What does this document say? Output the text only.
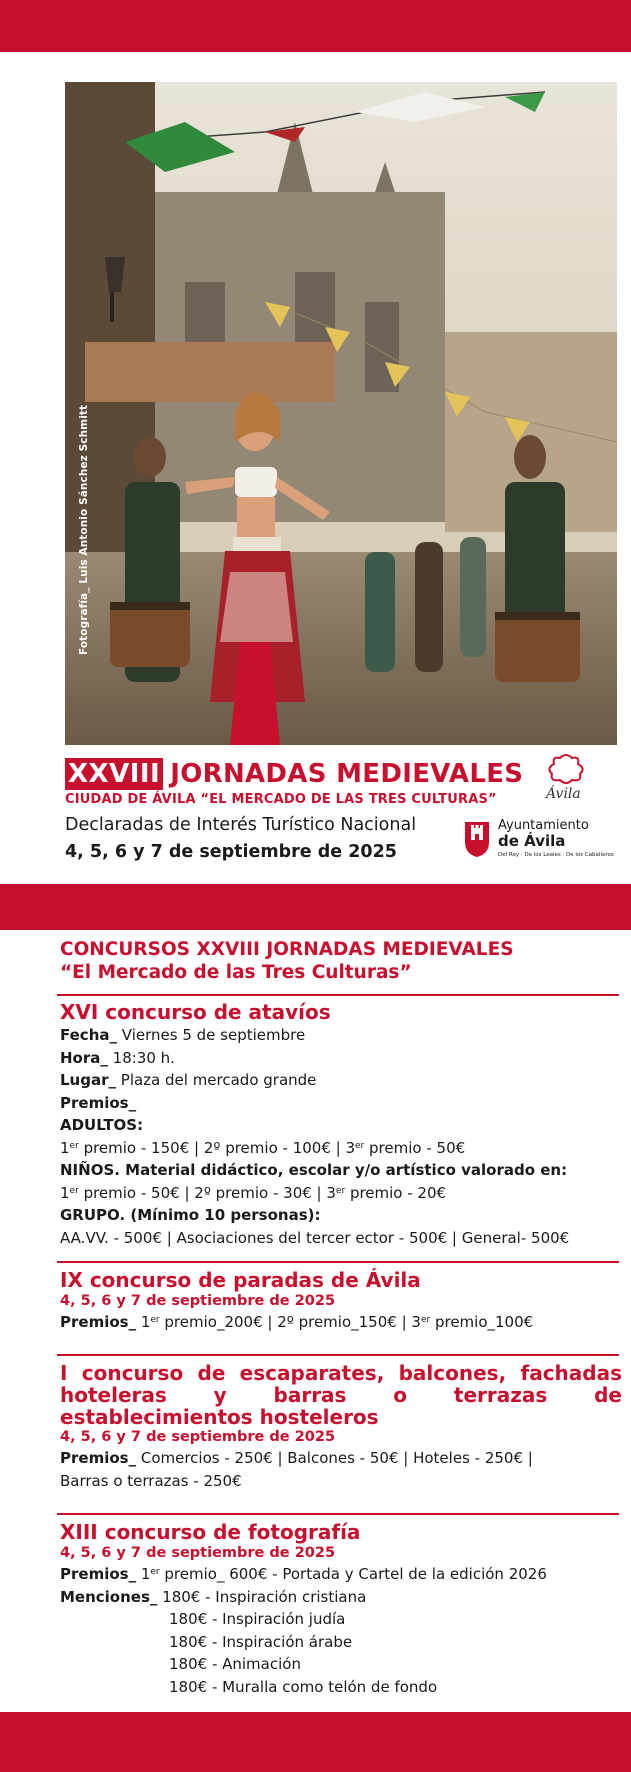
Fotografía_ Luis Antonio Sánchez Schmitt
XXVIII JORNADAS MEDIEVALES
Ávila
CIUDAD DE ÁVILA “EL MERCADO DE LAS TRES CULTURAS”
Declaradas de Interés Turístico Nacional
4, 5, 6 y 7 de septiembre de 2025
Ayuntamiento
de Ávila
Del Rey · De los Leales · De los Caballeros
CONCURSOS XXVIII JORNADAS MEDIEVALES
“El Mercado de las Tres Culturas”
XVI concurso de atavíos
Fecha_ Viernes 5 de septiembre
Hora_ 18:30 h.
Lugar_ Plaza del mercado grande
Premios_
ADULTOS:
1er premio - 150€ | 2º premio - 100€ | 3er premio - 50€
NIÑOS. Material didáctico, escolar y/o artístico valorado en:
1er premio - 50€ | 2º premio - 30€ | 3er premio - 20€
GRUPO. (Mínimo 10 personas):
AA.VV. - 500€ | Asociaciones del tercer ector - 500€ | General- 500€
IX concurso de paradas de Ávila
4, 5, 6 y 7 de septiembre de 2025
Premios_ 1er premio_200€ | 2º premio_150€ | 3er premio_100€
I concurso de escaparates, balcones, fachadas hoteleras y barras o terrazas de establecimientos hosteleros
4, 5, 6 y 7 de septiembre de 2025
Premios_ Comercios - 250€ | Balcones - 50€ | Hoteles - 250€ |
Barras o terrazas - 250€
XIII concurso de fotografía
4, 5, 6 y 7 de septiembre de 2025
Premios_ 1er premio_ 600€ - Portada y Cartel de la edición 2026
Menciones_ 180€ - Inspiración cristiana
180€ - Inspiración judía
180€ - Inspiración árabe
180€ - Animación
180€ - Muralla como telón de fondo
